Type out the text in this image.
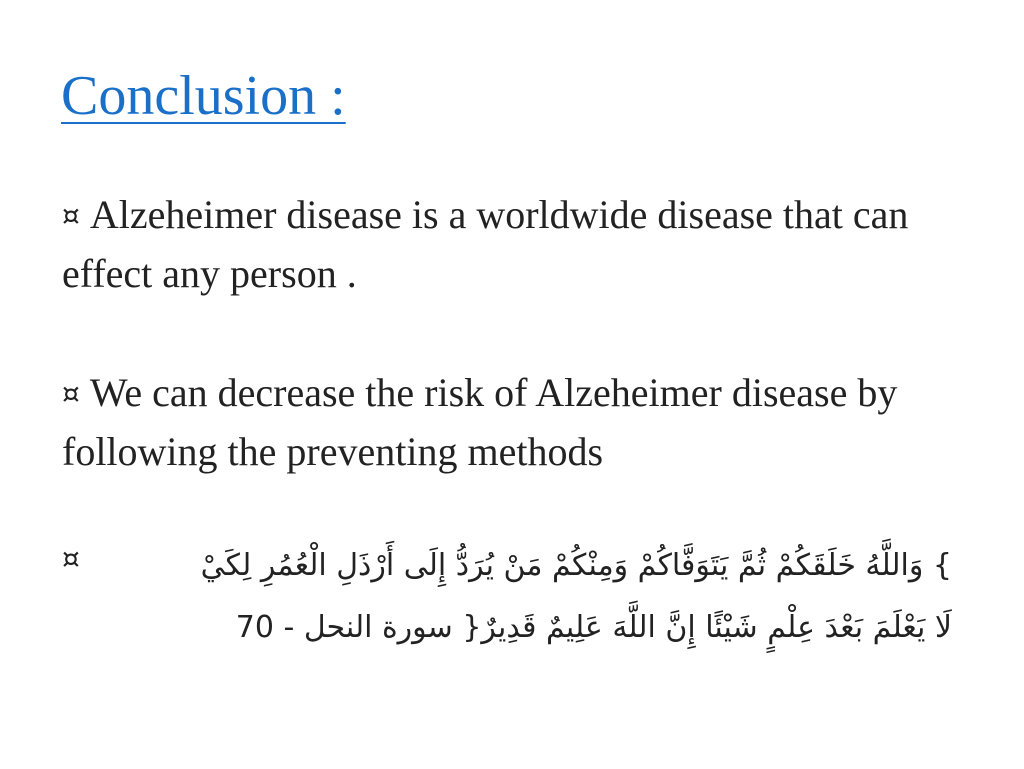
Conclusion :
¤ Alzeheimer disease is a worldwide disease that can effect any person .
¤ We can decrease the risk of Alzeheimer disease by following the preventing methods
¤	} وَاللَّهُ خَلَقَكُمْ ثُمَّ يَتَوَفَّاكُمْ وَمِنْكُمْ مَنْ يُرَدُّ إِلَى أَرْذَلِ الْعُمُرِ لِكَيْ
لَا يَعْلَمَ بَعْدَ عِلْمٍ شَيْئًا إِنَّ اللَّهَ عَلِيمٌ قَدِيرٌ{ سورة النحل - 70
